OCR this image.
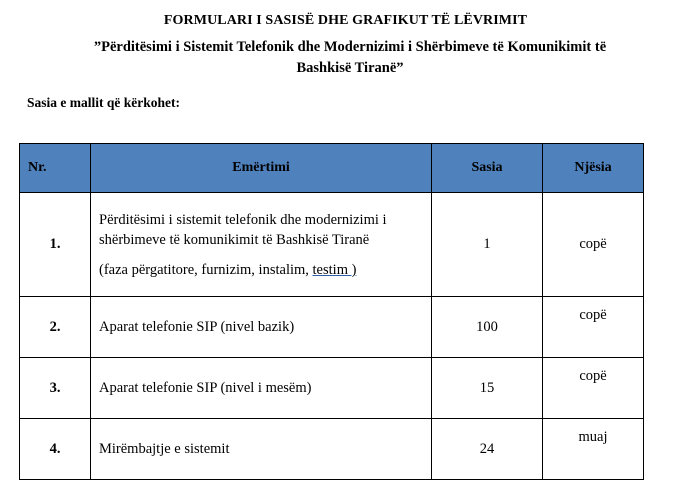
FORMULARI I SASISË DHE GRAFIKUT TË LËVRIMIT
”Përditësimi i Sistemit Telefonik dhe Modernizimi i Shërbimeve të Komunikimit të
Bashkisë Tiranë”
Sasia e mallit që kërkohet:
Nr.	Emërtimi	Sasia	Njësia
1.	Përditësimi i sistemit telefonik dhe modernizimi i
shërbimeve të komunikimit të Bashkisë Tiranë
(faza përgatitore, furnizim, instalim, testim )	1	copë
2.	Aparat telefonie SIP (nivel bazik)	100	copë
3.	Aparat telefonie SIP (nivel i mesëm)	15	copë
4.	Mirëmbajtje e sistemit	24	muaj
